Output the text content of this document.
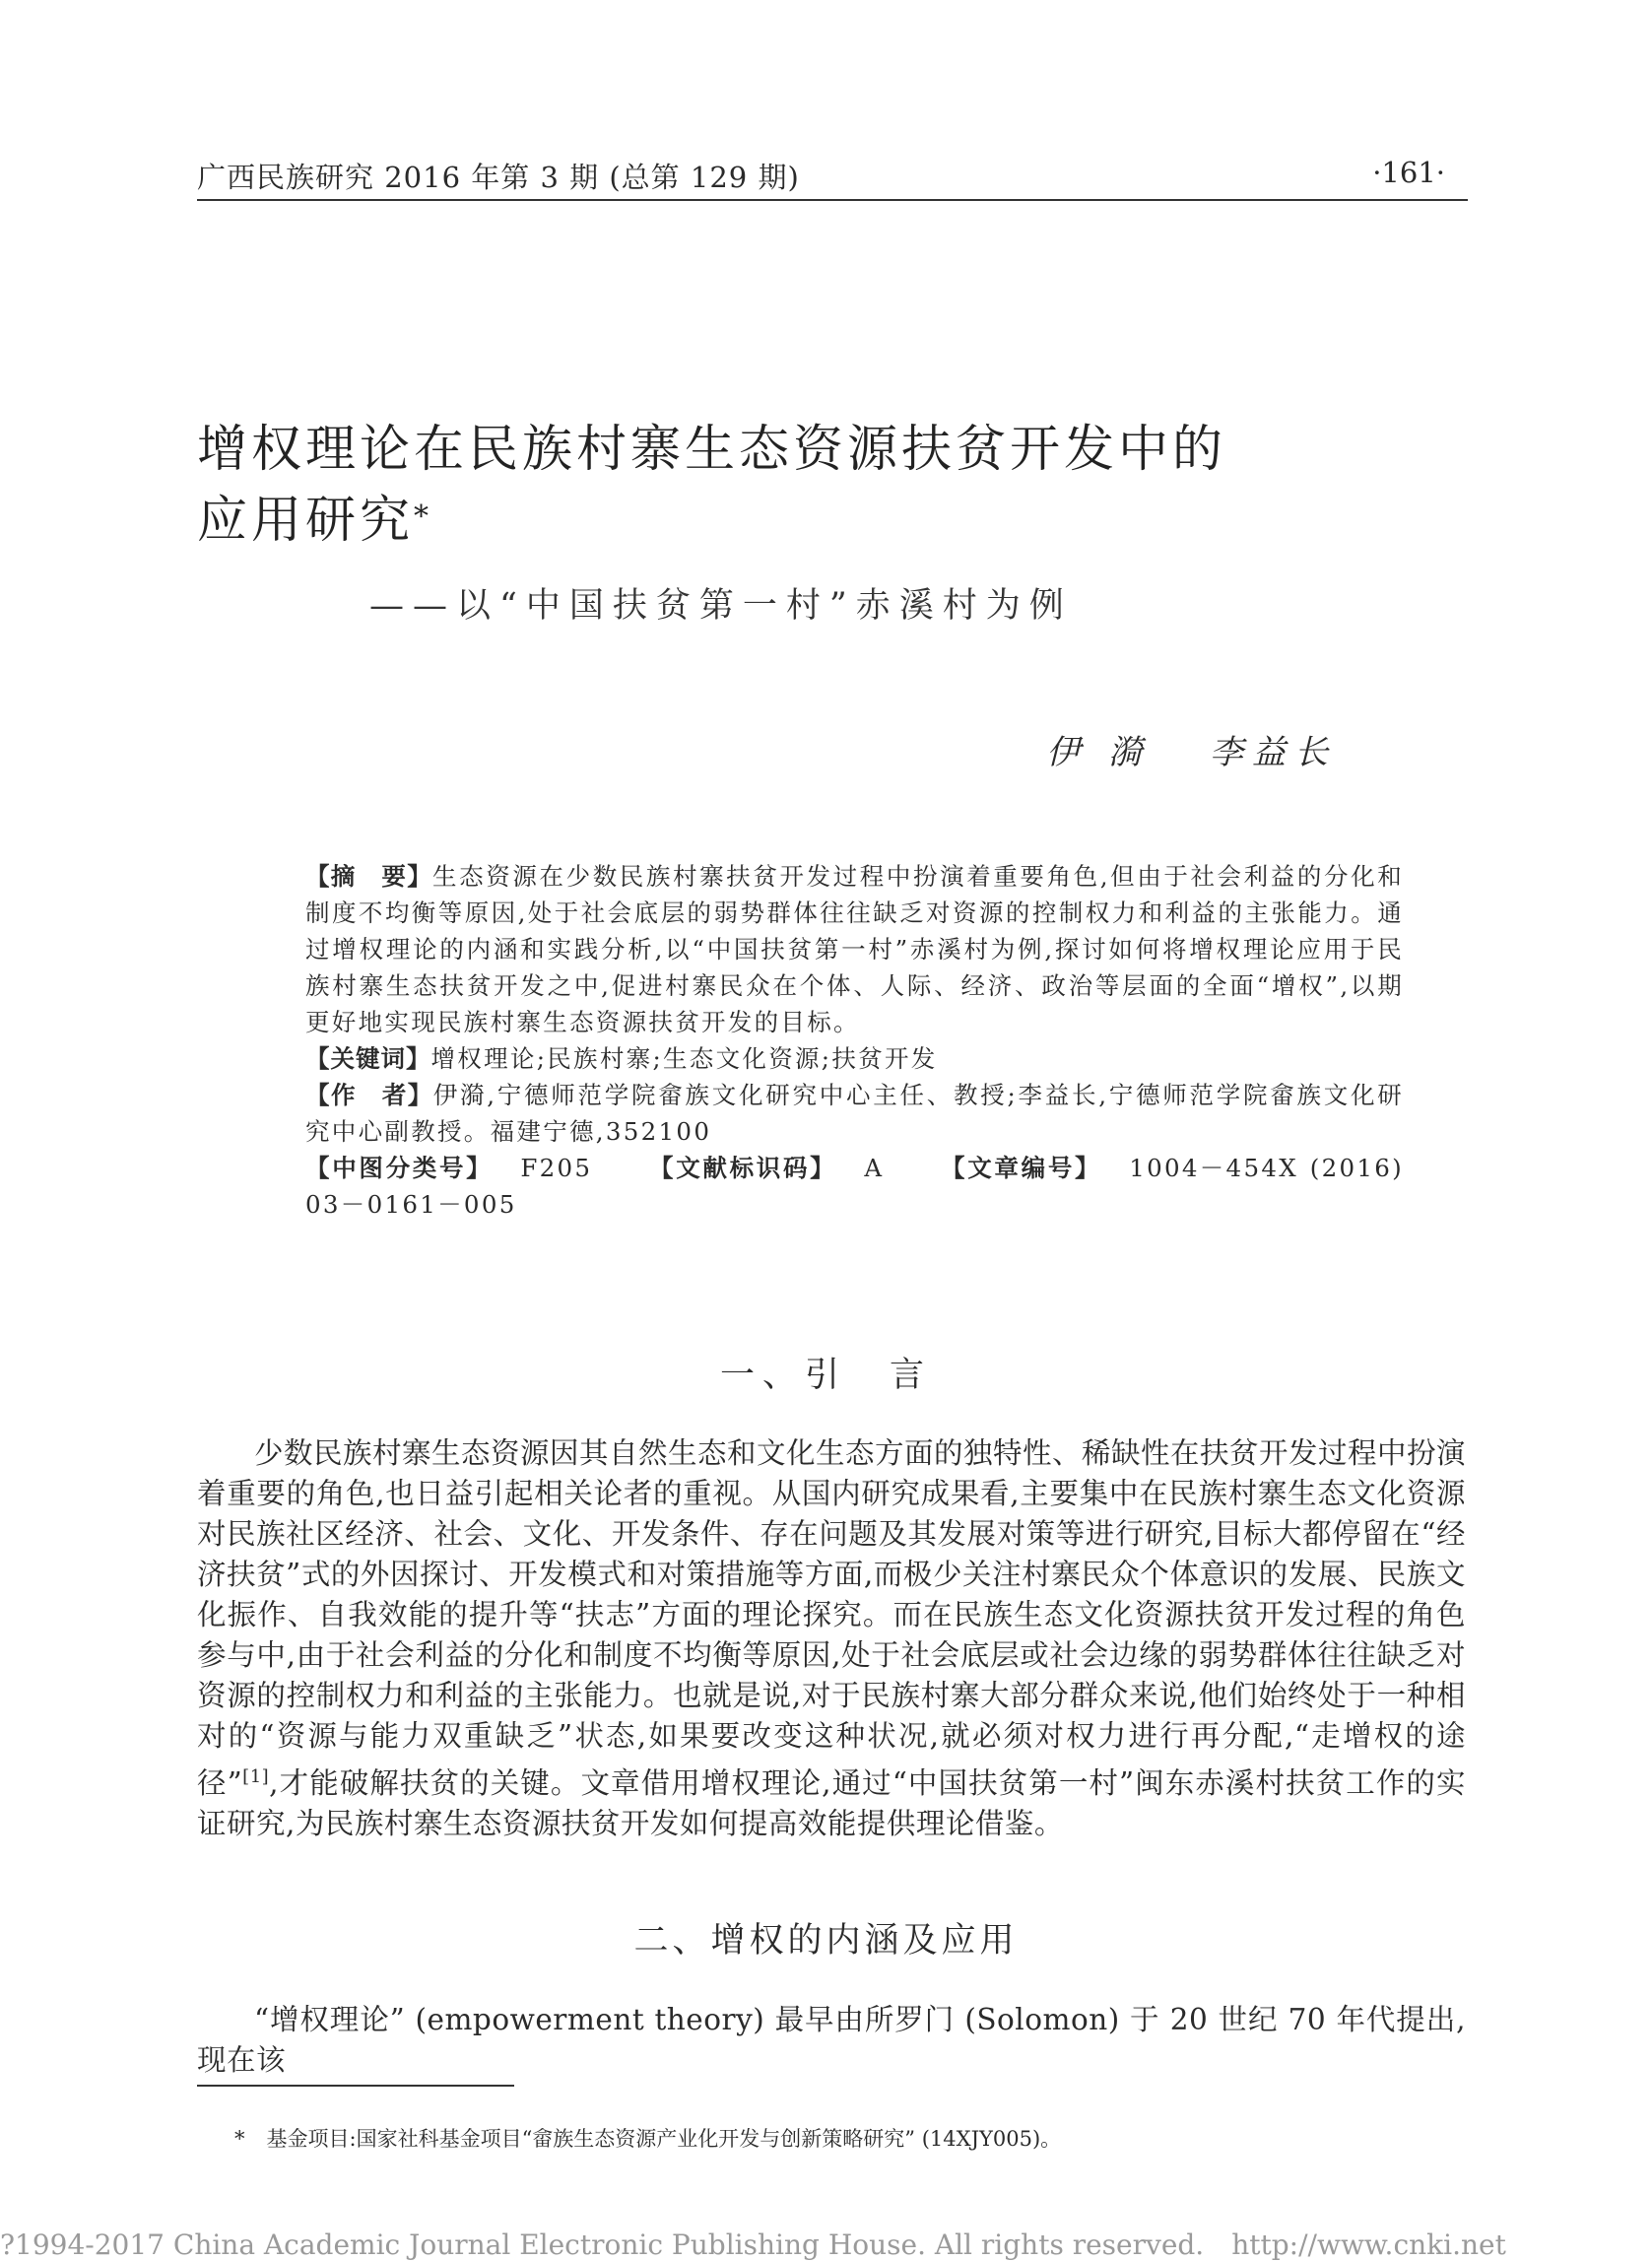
广西民族研究 2016 年第 3 期 (总第 129 期)	·161·
增权理论在民族村寨生态资源扶贫开发中的
应用研究*
——以“中国扶贫第一村”赤溪村为例
伊 漪 李益长

【摘　要】生态资源在少数民族村寨扶贫开发过程中扮演着重要角色,但由于社会利益的分化和制度不均衡等原因,处于社会底层的弱势群体往往缺乏对资源的控制权力和利益的主张能力。通过增权理论的内涵和实践分析,以“中国扶贫第一村”赤溪村为例,探讨如何将增权理论应用于民族村寨生态扶贫开发之中,促进村寨民众在个体、人际、经济、政治等层面的全面“增权”,以期更好地实现民族村寨生态资源扶贫开发的目标。

【关键词】增权理论;民族村寨;生态文化资源;扶贫开发

【作　者】伊漪,宁德师范学院畲族文化研究中心主任、教授;李益长,宁德师范学院畲族文化研究中心副教授。福建宁德,352100

【中图分类号】 F205 【文献标识码】 A 【文章编号】 1004－454X (2016) 03－0161－005

一、引　言

少数民族村寨生态资源因其自然生态和文化生态方面的独特性、稀缺性在扶贫开发过程中扮演着重要的角色,也日益引起相关论者的重视。从国内研究成果看,主要集中在民族村寨生态文化资源对民族社区经济、社会、文化、开发条件、存在问题及其发展对策等进行研究,目标大都停留在“经济扶贫”式的外因探讨、开发模式和对策措施等方面,而极少关注村寨民众个体意识的发展、民族文化振作、自我效能的提升等“扶志”方面的理论探究。而在民族生态文化资源扶贫开发过程的角色参与中,由于社会利益的分化和制度不均衡等原因,处于社会底层或社会边缘的弱势群体往往缺乏对资源的控制权力和利益的主张能力。也就是说,对于民族村寨大部分群众来说,他们始终处于一种相对的“资源与能力双重缺乏”状态,如果要改变这种状况,就必须对权力进行再分配,“走增权的途径”[1],才能破解扶贫的关键。文章借用增权理论,通过“中国扶贫第一村”闽东赤溪村扶贫工作的实证研究,为民族村寨生态资源扶贫开发如何提高效能提供理论借鉴。

二、增权的内涵及应用

“增权理论” (empowerment theory) 最早由所罗门 (Solomon) 于 20 世纪 70 年代提出,现在该

* 基金项目:国家社科基金项目“畲族生态资源产业化开发与创新策略研究” (14XJY005)。
?1994-2017 China Academic Journal Electronic Publishing House. All rights reserved. http://www.cnki.net
